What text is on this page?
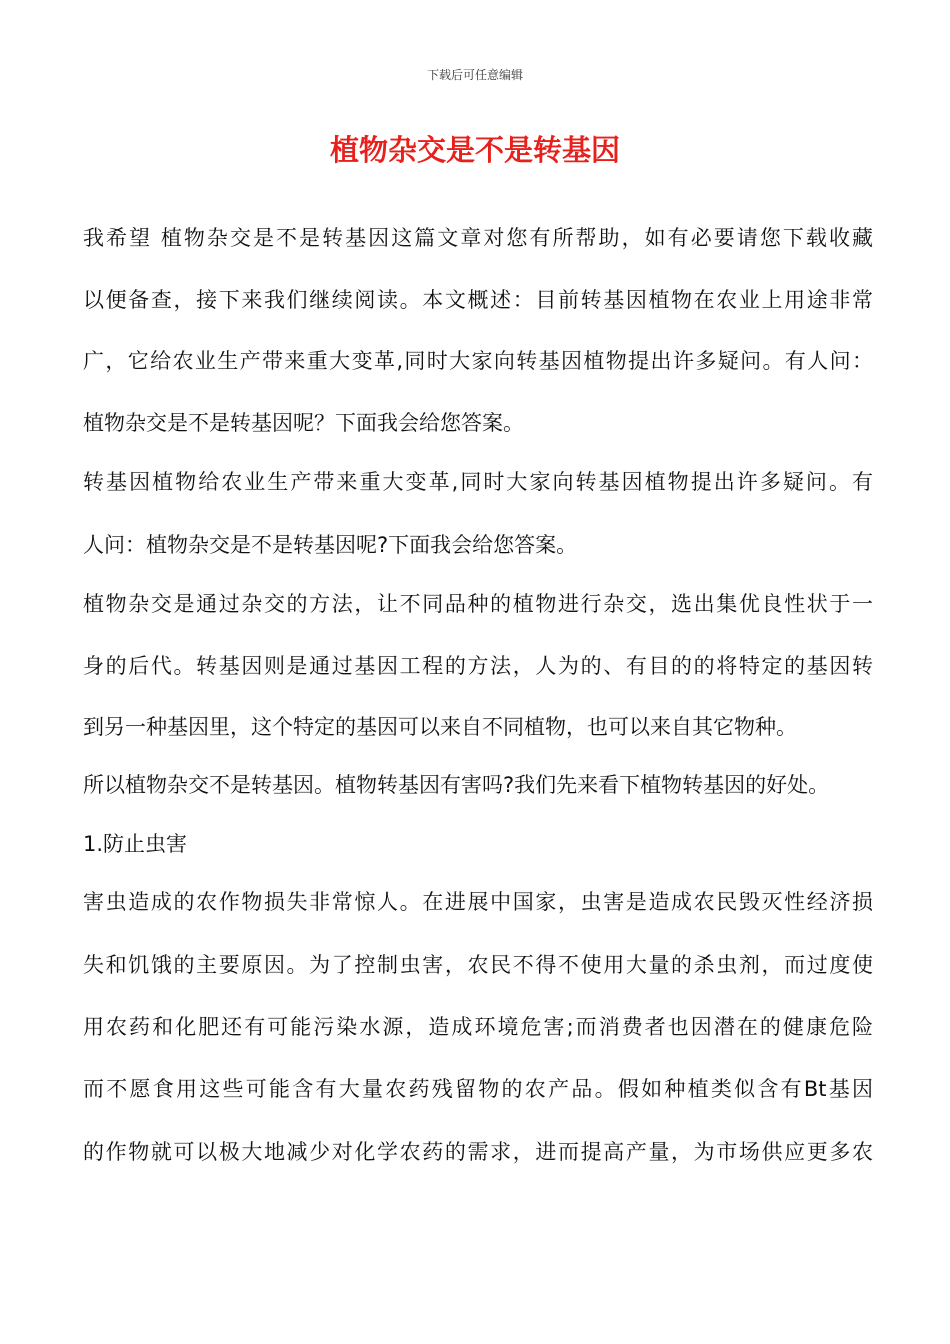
下载后可任意编辑
植物杂交是不是转基因
我希望 植物杂交是不是转基因这篇文章对您有所帮助，如有必要请您下载收藏
以便备查，接下来我们继续阅读。本文概述：目前转基因植物在农业上用途非常
广，它给农业生产带来重大变革,同时大家向转基因植物提出许多疑问。有人问：
植物杂交是不是转基因呢？下面我会给您答案。
转基因植物给农业生产带来重大变革,同时大家向转基因植物提出许多疑问。有
人问：植物杂交是不是转基因呢?下面我会给您答案。
植物杂交是通过杂交的方法，让不同品种的植物进行杂交，选出集优良性状于一
身的后代。转基因则是通过基因工程的方法，人为的、有目的的将特定的基因转
到另一种基因里，这个特定的基因可以来自不同植物，也可以来自其它物种。
所以植物杂交不是转基因。植物转基因有害吗?我们先来看下植物转基因的好处。
1.防止虫害
害虫造成的农作物损失非常惊人。在进展中国家，虫害是造成农民毁灭性经济损
失和饥饿的主要原因。为了控制虫害，农民不得不使用大量的杀虫剂，而过度使
用农药和化肥还有可能污染水源，造成环境危害;而消费者也因潜在的健康危险
而不愿食用这些可能含有大量农药残留物的农产品。假如种植类似含有Bt基因
的作物就可以极大地减少对化学农药的需求，进而提高产量，为市场供应更多农
